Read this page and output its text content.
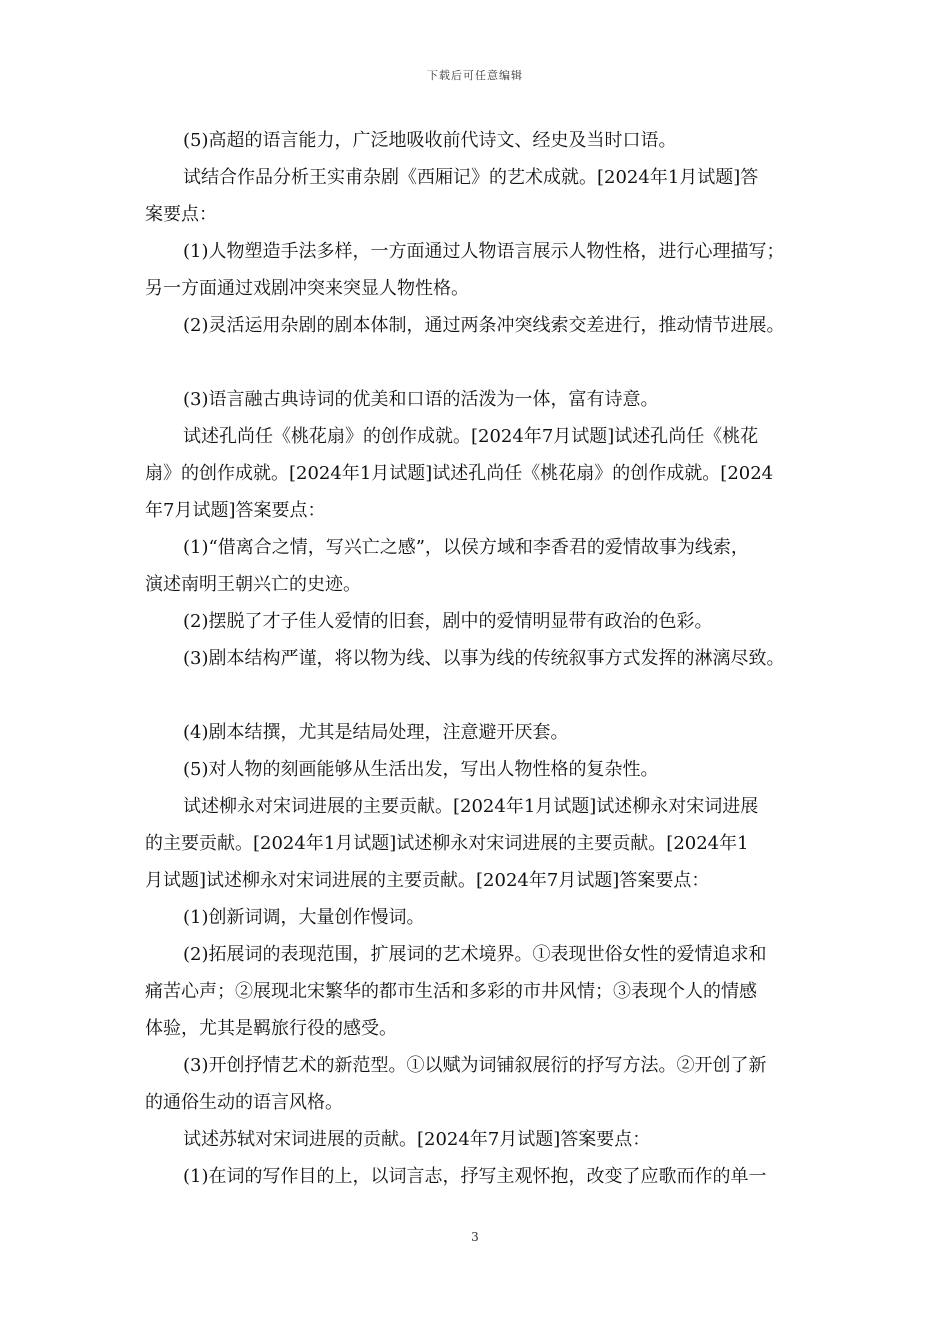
下载后可任意编辑
(5)高超的语言能力，广泛地吸收前代诗文、经史及当时口语。
试结合作品分析王实甫杂剧《西厢记》的艺术成就。[2024年1月试题]答
案要点：
(1)人物塑造手法多样，一方面通过人物语言展示人物性格，进行心理描写；
另一方面通过戏剧冲突来突显人物性格。
(2)灵活运用杂剧的剧本体制，通过两条冲突线索交差进行，推动情节进展。
(3)语言融古典诗词的优美和口语的活泼为一体，富有诗意。
试述孔尚任《桃花扇》的创作成就。[2024年7月试题]试述孔尚任《桃花
扇》的创作成就。[2024年1月试题]试述孔尚任《桃花扇》的创作成就。[2024
年7月试题]答案要点：
(1)“借离合之情，写兴亡之感”，以侯方域和李香君的爱情故事为线索，
演述南明王朝兴亡的史迹。
(2)摆脱了才子佳人爱情的旧套，剧中的爱情明显带有政治的色彩。
(3)剧本结构严谨，将以物为线、以事为线的传统叙事方式发挥的淋漓尽致。
(4)剧本结撰，尤其是结局处理，注意避开厌套。
(5)对人物的刻画能够从生活出发，写出人物性格的复杂性。
试述柳永对宋词进展的主要贡献。[2024年1月试题]试述柳永对宋词进展
的主要贡献。[2024年1月试题]试述柳永对宋词进展的主要贡献。[2024年1
月试题]试述柳永对宋词进展的主要贡献。[2024年7月试题]答案要点：
(1)创新词调，大量创作慢词。
(2)拓展词的表现范围，扩展词的艺术境界。①表现世俗女性的爱情追求和
痛苦心声；②展现北宋繁华的都市生活和多彩的市井风情；③表现个人的情感
体验，尤其是羁旅行役的感受。
(3)开创抒情艺术的新范型。①以赋为词铺叙展衍的抒写方法。②开创了新
的通俗生动的语言风格。
试述苏轼对宋词进展的贡献。[2024年7月试题]答案要点：
(1)在词的写作目的上，以词言志，抒写主观怀抱，改变了应歌而作的单一
3
